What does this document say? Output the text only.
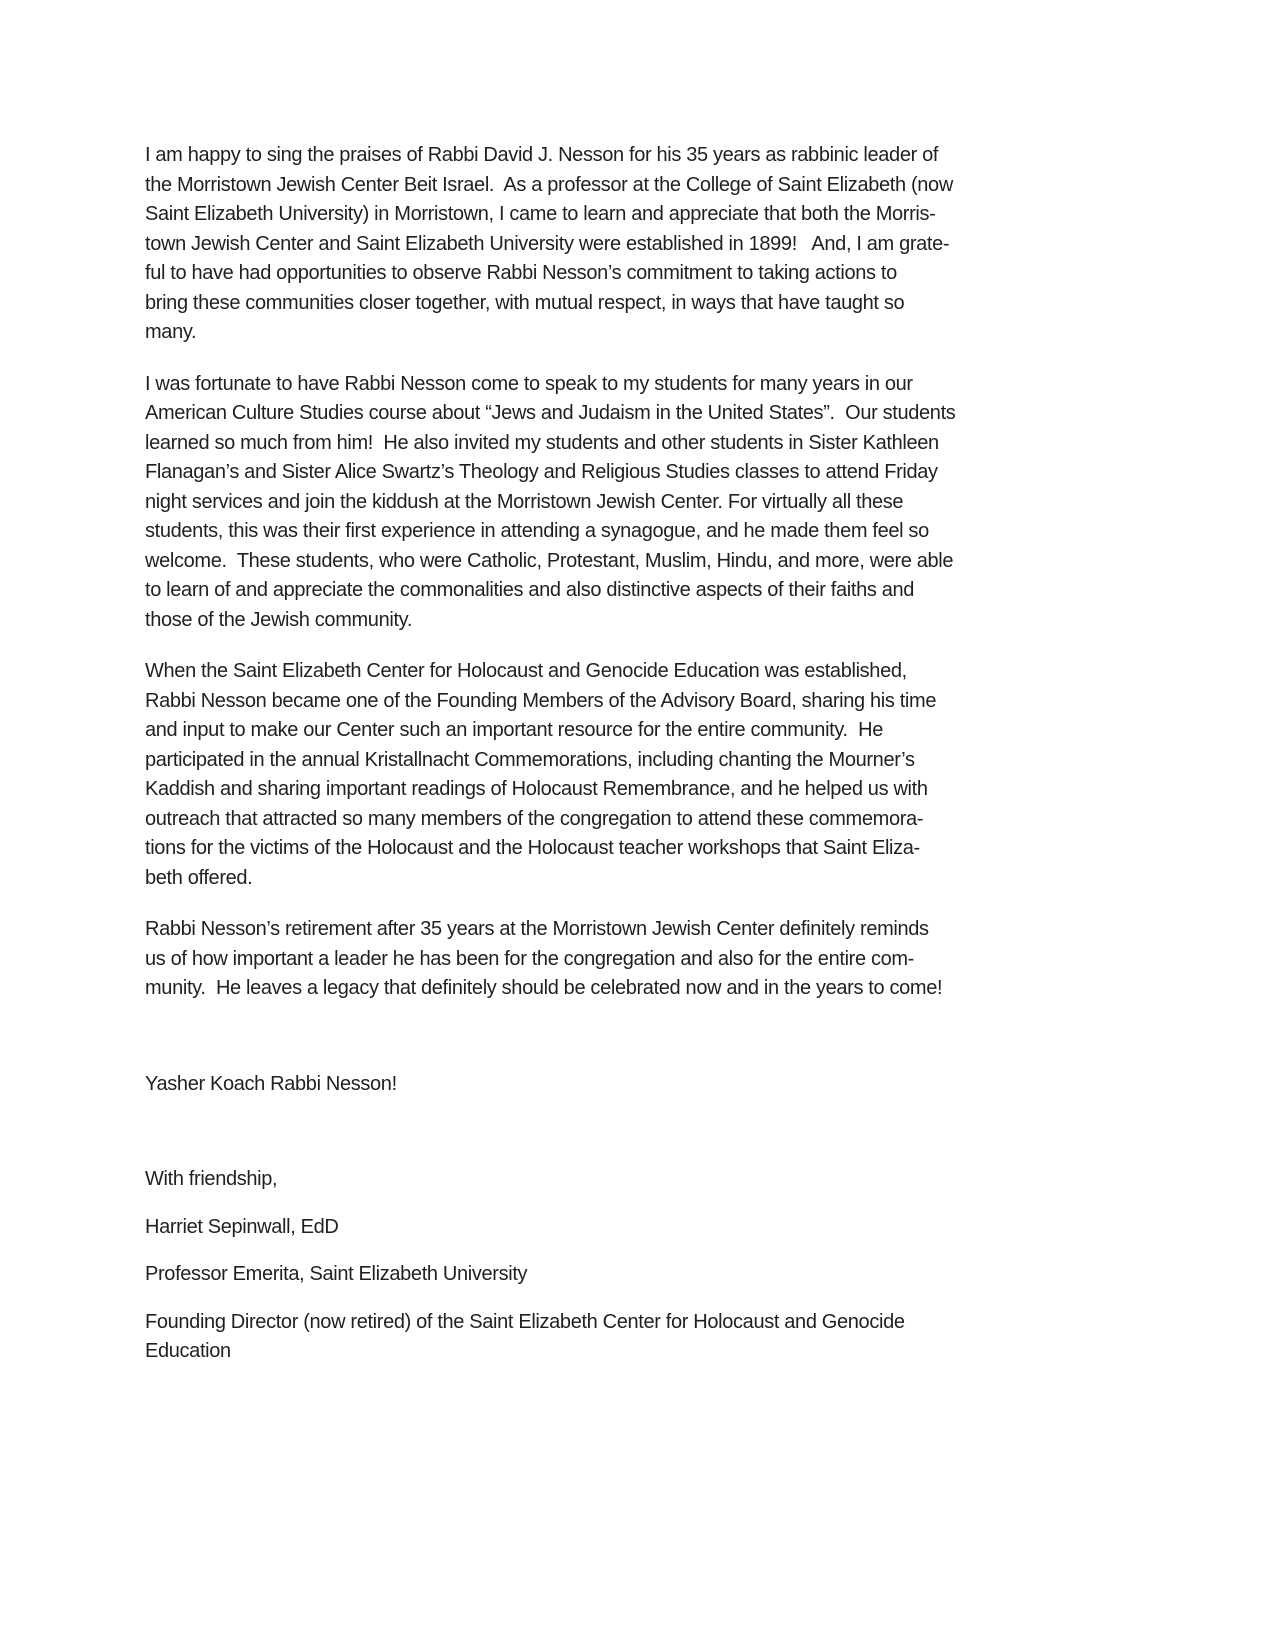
I am happy to sing the praises of Rabbi David J. Nesson for his 35 years as rabbinic leader of
the Morristown Jewish Center Beit Israel.  As a professor at the College of Saint Elizabeth (now
Saint Elizabeth University) in Morristown, I came to learn and appreciate that both the Morris-
town Jewish Center and Saint Elizabeth University were established in 1899!   And, I am grate-
ful to have had opportunities to observe Rabbi Nesson’s commitment to taking actions to
bring these communities closer together, with mutual respect, in ways that have taught so
many.
I was fortunate to have Rabbi Nesson come to speak to my students for many years in our
American Culture Studies course about “Jews and Judaism in the United States”.  Our students
learned so much from him!  He also invited my students and other students in Sister Kathleen
Flanagan’s and Sister Alice Swartz’s Theology and Religious Studies classes to attend Friday
night services and join the kiddush at the Morristown Jewish Center. For virtually all these
students, this was their first experience in attending a synagogue, and he made them feel so
welcome.  These students, who were Catholic, Protestant, Muslim, Hindu, and more, were able
to learn of and appreciate the commonalities and also distinctive aspects of their faiths and
those of the Jewish community.
When the Saint Elizabeth Center for Holocaust and Genocide Education was established,
Rabbi Nesson became one of the Founding Members of the Advisory Board, sharing his time
and input to make our Center such an important resource for the entire community.  He
participated in the annual Kristallnacht Commemorations, including chanting the Mourner’s
Kaddish and sharing important readings of Holocaust Remembrance, and he helped us with
outreach that attracted so many members of the congregation to attend these commemora-
tions for the victims of the Holocaust and the Holocaust teacher workshops that Saint Eliza-
beth offered.
Rabbi Nesson’s retirement after 35 years at the Morristown Jewish Center definitely reminds
us of how important a leader he has been for the congregation and also for the entire com-
munity.  He leaves a legacy that definitely should be celebrated now and in the years to come!
Yasher Koach Rabbi Nesson!
With friendship,
Harriet Sepinwall, EdD
Professor Emerita, Saint Elizabeth University
Founding Director (now retired) of the Saint Elizabeth Center for Holocaust and Genocide
Education
